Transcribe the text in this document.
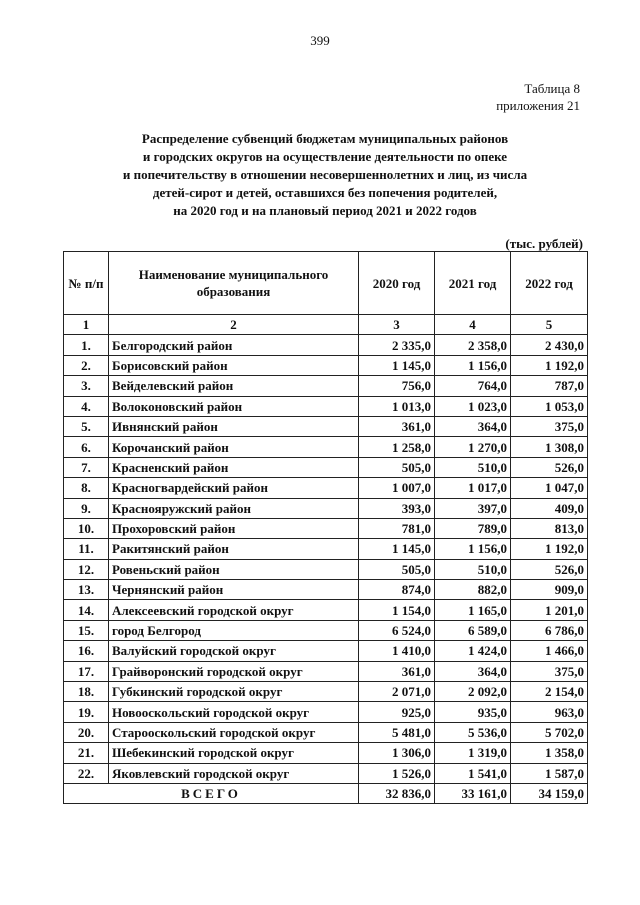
399
Таблица 8
приложения 21
Распределение субвенций бюджетам муниципальных районов
и городских округов на осуществление деятельности по опеке
и попечительству в отношении несовершеннолетних и лиц, из числа
детей-сирот и детей, оставшихся без попечения родителей,
на 2020 год и на плановый период 2021 и 2022 годов
(тыс. рублей)
№ п/п	Наименование муниципального образования	2020 год	2021 год	2022 год
1	2	3	4	5
1.	Белгородский район	2 335,0	2 358,0	2 430,0
2.	Борисовский район	1 145,0	1 156,0	1 192,0
3.	Вейделевский район	756,0	764,0	787,0
4.	Волоконовский район	1 013,0	1 023,0	1 053,0
5.	Ивнянский район	361,0	364,0	375,0
6.	Корочанский район	1 258,0	1 270,0	1 308,0
7.	Красненский район	505,0	510,0	526,0
8.	Красногвардейский район	1 007,0	1 017,0	1 047,0
9.	Краснояружский район	393,0	397,0	409,0
10.	Прохоровский район	781,0	789,0	813,0
11.	Ракитянский район	1 145,0	1 156,0	1 192,0
12.	Ровеньский район	505,0	510,0	526,0
13.	Чернянский район	874,0	882,0	909,0
14.	Алексеевский городской округ	1 154,0	1 165,0	1 201,0
15.	город Белгород	6 524,0	6 589,0	6 786,0
16.	Валуйский городской округ	1 410,0	1 424,0	1 466,0
17.	Грайворонский городской округ	361,0	364,0	375,0
18.	Губкинский городской округ	2 071,0	2 092,0	2 154,0
19.	Новооскольский городской округ	925,0	935,0	963,0
20.	Старооскольский городской округ	5 481,0	5 536,0	5 702,0
21.	Шебекинский городской округ	1 306,0	1 319,0	1 358,0
22.	Яковлевский городской округ	1 526,0	1 541,0	1 587,0
ВСЕГО		32 836,0	33 161,0	34 159,0
